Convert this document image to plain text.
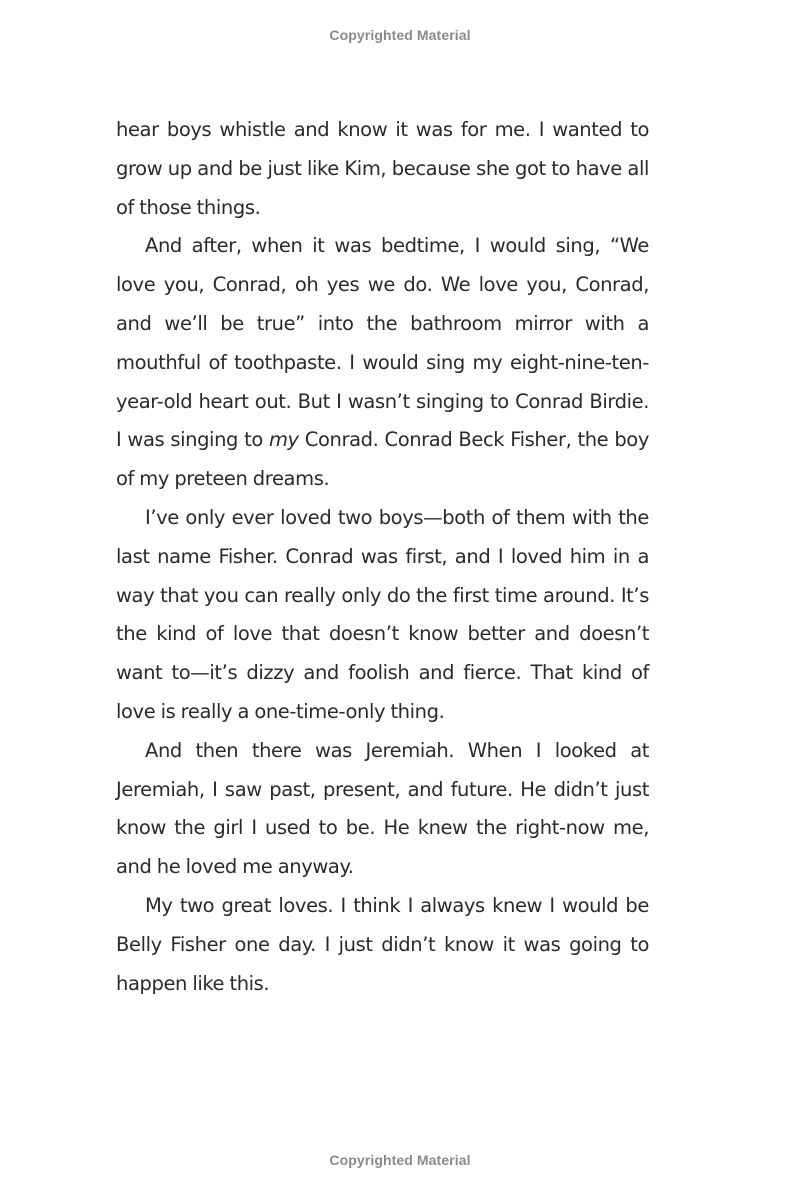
Copyrighted Material

hear boys whistle and know it was for me. I wanted to grow up and be just like Kim, because she got to have all of those things.

And after, when it was bedtime, I would sing, “We love you, Conrad, oh yes we do. We love you, Conrad, and we’ll be true” into the bathroom mirror with a mouthful of toothpaste. I would sing my eight-nine-ten-year-old heart out. But I wasn’t singing to Conrad Birdie. I was singing to my Conrad. Conrad Beck Fisher, the boy of my preteen dreams.

I’ve only ever loved two boys—both of them with the last name Fisher. Conrad was first, and I loved him in a way that you can really only do the first time around. It’s the kind of love that doesn’t know better and doesn’t want to—it’s dizzy and foolish and fierce. That kind of love is really a one-time-only thing.

And then there was Jeremiah. When I looked at Jeremiah, I saw past, present, and future. He didn’t just know the girl I used to be. He knew the right-now me, and he loved me anyway.

My two great loves. I think I always knew I would be Belly Fisher one day. I just didn’t know it was going to happen like this.

Copyrighted Material
